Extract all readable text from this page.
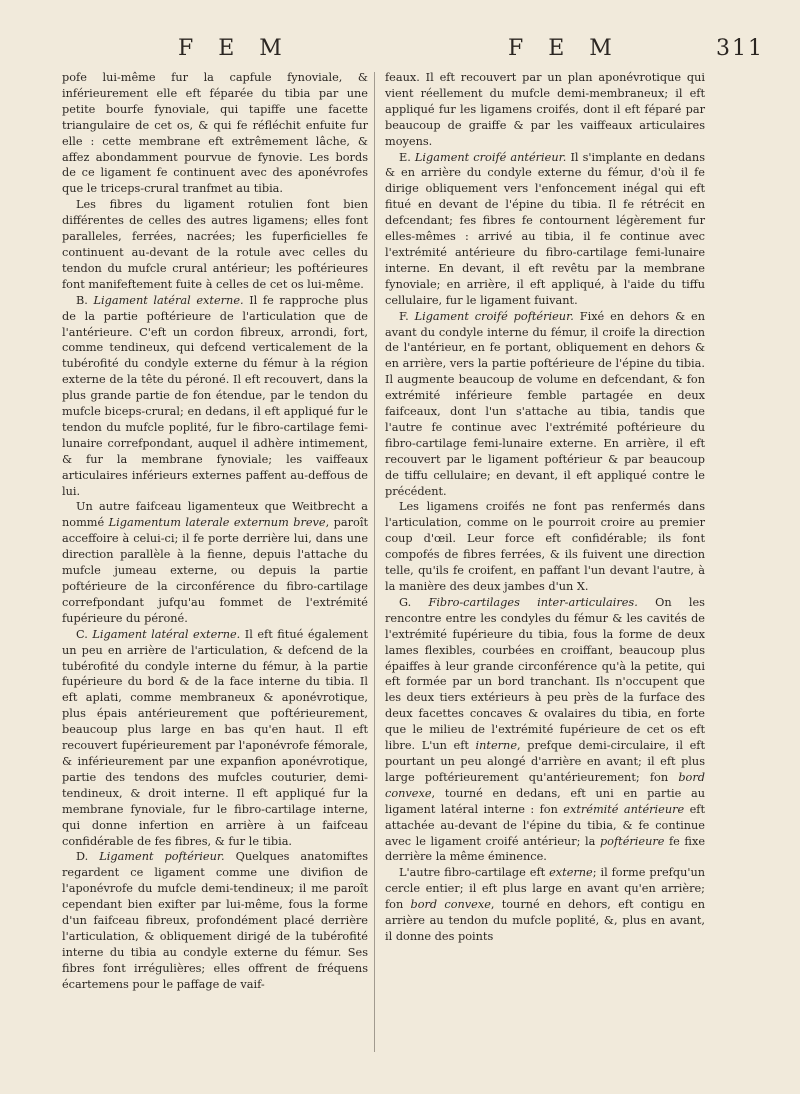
F E M	F E M	311

pofe lui-même fur la capfule fynoviale, & inférieurement elle eft féparée du tibia par une petite bourfe fynoviale, qui tapiffe une facette triangulaire de cet os, & qui fe réfléchit enfuite fur elle : cette membrane eft extrêmement lâche, & affez abondamment pourvue de fynovie. Les bords de ce ligament fe continuent avec des aponévrofes que le triceps-crural tranfmet au tibia.

Les fibres du ligament rotulien font bien différentes de celles des autres ligamens; elles font paralleles, ferrées, nacrées; les fuperficielles fe continuent au-devant de la rotule avec celles du tendon du mufcle crural antérieur; les poftérieures font manifeftement fuite à celles de cet os lui-même.

B. Ligament latéral externe. Il fe rapproche plus de la partie poftérieure de l'articulation que de l'antérieure. C'eft un cordon fibreux, arrondi, fort, comme tendineux, qui defcend verticalement de la tubérofité du condyle externe du fémur à la région externe de la tête du péroné. Il eft recouvert, dans la plus grande partie de fon étendue, par le tendon du mufcle biceps-crural; en dedans, il eft appliqué fur le tendon du mufcle poplité, fur le fibro-cartilage femi-lunaire correfpondant, auquel il adhère intimement, & fur la membrane fynoviale; les vaiffeaux articulaires inférieurs externes paffent au-deffous de lui.

Un autre faifceau ligamenteux que Weitbrecht a nommé Ligamentum laterale externum breve, paroît acceffoire à celui-ci; il fe porte derrière lui, dans une direction parallèle à la fienne, depuis l'attache du mufcle jumeau externe, ou depuis la partie poftérieure de la circonférence du fibro-cartilage correfpondant jufqu'au fommet de l'extrémité fupérieure du péroné.

C. Ligament latéral externe. Il eft fitué également un peu en arrière de l'articulation, & defcend de la tubérofité du condyle interne du fémur, à la partie fupérieure du bord & de la face interne du tibia. Il eft aplati, comme membraneux & aponévrotique, plus épais antérieurement que poftérieurement, beaucoup plus large en bas qu'en haut. Il eft recouvert fupérieurement par l'aponévrofe fémorale, & inférieurement par une expanfion aponévrotique, partie des tendons des mufcles couturier, demi-tendineux, & droit interne. Il eft appliqué fur la membrane fynoviale, fur le fibro-cartilage interne, qui donne infertion en arrière à un faifceau confidérable de fes fibres, & fur le tibia.

D. Ligament poftérieur. Quelques anatomiftes regardent ce ligament comme une divifion de l'aponévrofe du mufcle demi-tendineux; il me paroît cependant bien exifter par lui-même, fous la forme d'un faifceau fibreux, profondément placé derrière l'articulation, & obliquement dirigé de la tubérofité interne du tibia au condyle externe du fémur. Ses fibres font irrégulières; elles offrent de fréquens écartemens pour le paffage de vaif-

feaux. Il eft recouvert par un plan aponévrotique qui vient réellement du mufcle demi-membraneux; il eft appliqué fur les ligamens croifés, dont il eft féparé par beaucoup de graiffe & par les vaiffeaux articulaires moyens.

E. Ligament croifé antérieur. Il s'implante en dedans & en arrière du condyle externe du fémur, d'où il fe dirige obliquement vers l'enfoncement inégal qui eft fitué en devant de l'épine du tibia. Il fe rétrécit en defcendant; fes fibres fe contournent légèrement fur elles-mêmes : arrivé au tibia, il fe continue avec l'extrémité antérieure du fibro-cartilage femi-lunaire interne. En devant, il eft revêtu par la membrane fynoviale; en arrière, il eft appliqué, à l'aide du tiffu cellulaire, fur le ligament fuivant.

F. Ligament croifé poftérieur. Fixé en dehors & en avant du condyle interne du fémur, il croife la direction de l'antérieur, en fe portant, obliquement en dehors & en arrière, vers la partie poftérieure de l'épine du tibia. Il augmente beaucoup de volume en defcendant, & fon extrémité inférieure femble partagée en deux faifceaux, dont l'un s'attache au tibia, tandis que l'autre fe continue avec l'extrémité poftérieure du fibro-cartilage femi-lunaire externe. En arrière, il eft recouvert par le ligament poftérieur & par beaucoup de tiffu cellulaire; en devant, il eft appliqué contre le précédent.

Les ligamens croifés ne font pas renfermés dans l'articulation, comme on le pourroit croire au premier coup d'œil. Leur force eft confidérable; ils font compofés de fibres ferrées, & ils fuivent une direction telle, qu'ils fe croifent, en paffant l'un devant l'autre, à la manière des deux jambes d'un X.

G. Fibro-cartilages inter-articulaires. On les rencontre entre les condyles du fémur & les cavités de l'extrémité fupérieure du tibia, fous la forme de deux lames flexibles, courbées en croiffant, beaucoup plus épaiffes à leur grande circonférence qu'à la petite, qui eft formée par un bord tranchant. Ils n'occupent que les deux tiers extérieurs à peu près de la furface des deux facettes concaves & ovalaires du tibia, en forte que le milieu de l'extrémité fupérieure de cet os eft libre. L'un eft interne, prefque demi-circulaire, il eft pourtant un peu alongé d'arrière en avant; il eft plus large poftérieurement qu'antérieurement; fon bord convexe, tourné en dedans, eft uni en partie au ligament latéral interne : fon extrémité antérieure eft attachée au-devant de l'épine du tibia, & fe continue avec le ligament croifé antérieur; la poftérieure fe fixe derrière la même éminence.

L'autre fibro-cartilage eft externe; il forme prefqu'un cercle entier; il eft plus large en avant qu'en arrière; fon bord convexe, tourné en dehors, eft contigu en arrière au tendon du mufcle poplité, &, plus en avant, il donne des points
